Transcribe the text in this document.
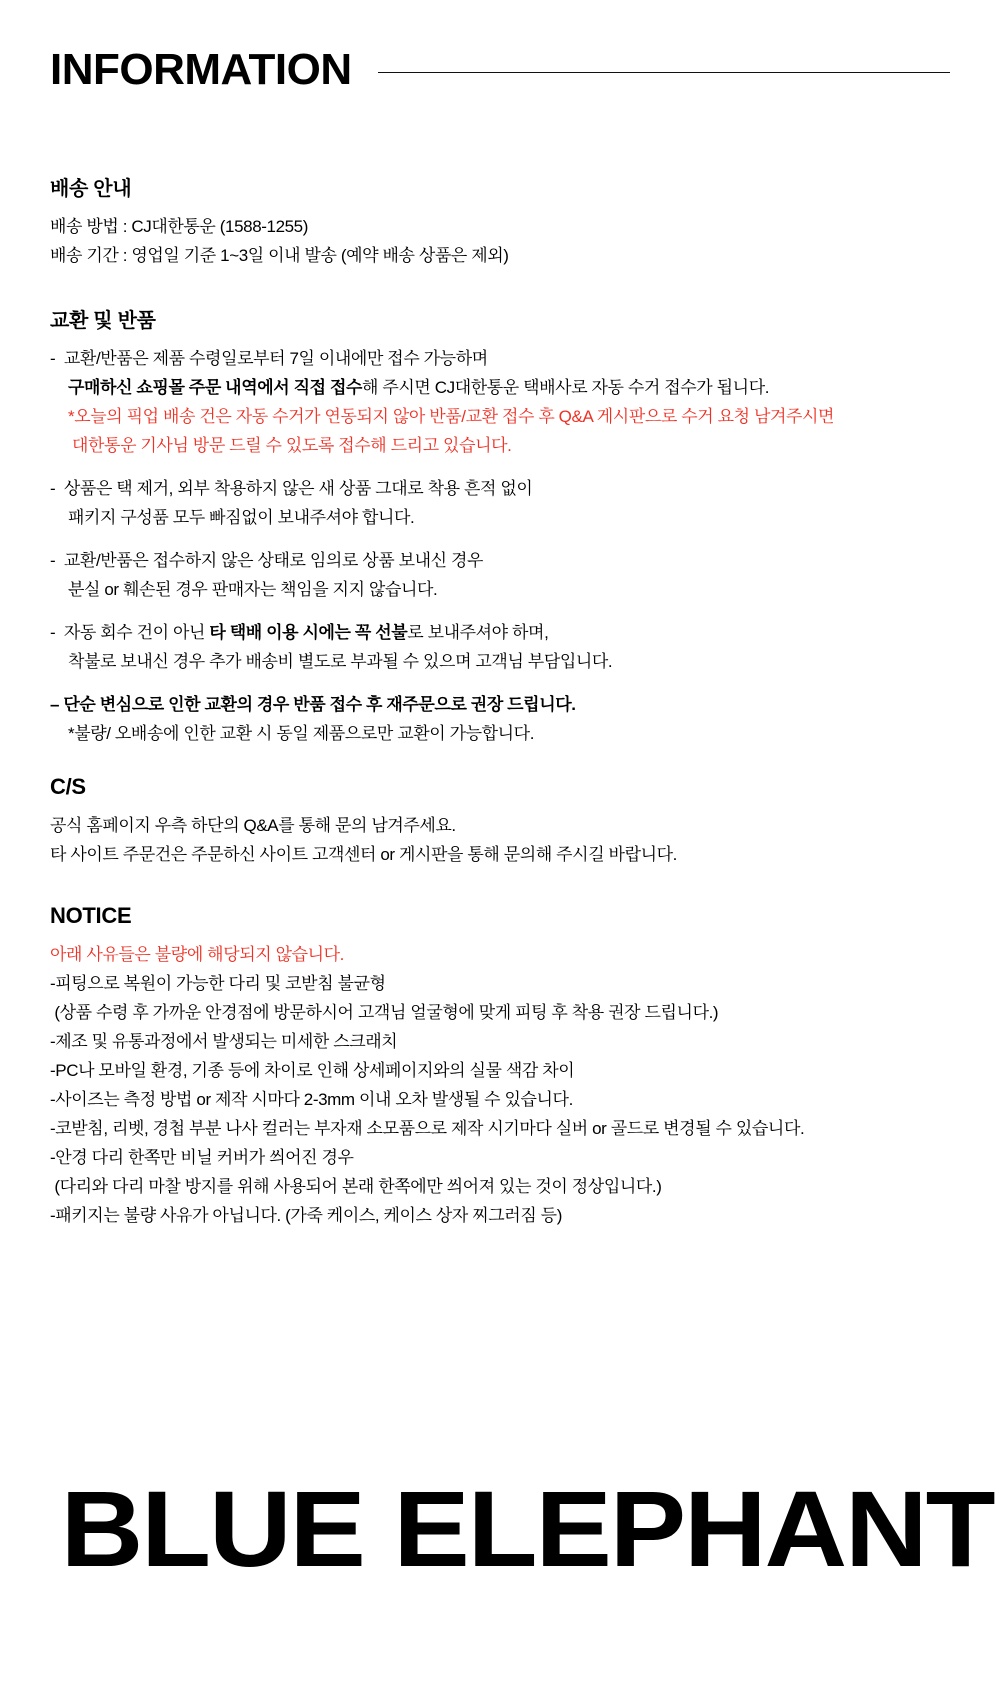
INFORMATION
배송 안내
배송 방법 : CJ대한통운 (1588-1255)
배송 기간 : 영업일 기준 1~3일 이내 발송 (예약 배송 상품은 제외)
교환 및 반품
-  교환/반품은 제품 수령일로부터 7일 이내에만 접수 가능하며
구매하신 쇼핑몰 주문 내역에서 직접 접수해 주시면 CJ대한통운 택배사로 자동 수거 접수가 됩니다.
*오늘의 픽업 배송 건은 자동 수거가 연동되지 않아 반품/교환 접수 후 Q&A 게시판으로 수거 요청 남겨주시면
대한통운 기사님 방문 드릴 수 있도록 접수해 드리고 있습니다.
-  상품은 택 제거, 외부 착용하지 않은 새 상품 그대로 착용 흔적 없이
패키지 구성품 모두 빠짐없이 보내주셔야 합니다.
-  교환/반품은 접수하지 않은 상태로 임의로 상품 보내신 경우
분실 or 훼손된 경우 판매자는 책임을 지지 않습니다.
-  자동 회수 건이 아닌 타 택배 이용 시에는 꼭 선불로 보내주셔야 하며,
착불로 보내신 경우 추가 배송비 별도로 부과될 수 있으며 고객님 부담입니다.
– 단순 변심으로 인한 교환의 경우 반품 접수 후 재주문으로 권장 드립니다.
*불량/ 오배송에 인한 교환 시 동일 제품으로만 교환이 가능합니다.
C/S
공식 홈페이지 우측 하단의 Q&A를 통해 문의 남겨주세요.
타 사이트 주문건은 주문하신 사이트 고객센터 or 게시판을 통해 문의해 주시길 바랍니다.
NOTICE
아래 사유들은 불량에 해당되지 않습니다.
-피팅으로 복원이 가능한 다리 및 코받침 불균형
(상품 수령 후 가까운 안경점에 방문하시어 고객님 얼굴형에 맞게 피팅 후 착용 권장 드립니다.)
-제조 및 유통과정에서 발생되는 미세한 스크래치
-PC나 모바일 환경, 기종 등에 차이로 인해 상세페이지와의 실물 색감 차이
-사이즈는 측정 방법 or 제작 시마다 2-3mm 이내 오차 발생될 수 있습니다.
-코받침, 리벳, 경첩 부분 나사 컬러는 부자재 소모품으로 제작 시기마다 실버 or 골드로 변경될 수 있습니다.
-안경 다리 한쪽만 비닐 커버가 씌어진 경우
(다리와 다리 마찰 방지를 위해 사용되어 본래 한쪽에만 씌어져 있는 것이 정상입니다.)
-패키지는 불량 사유가 아닙니다. (가죽 케이스, 케이스 상자 찌그러짐 등)
BLUE ELEPHANT
